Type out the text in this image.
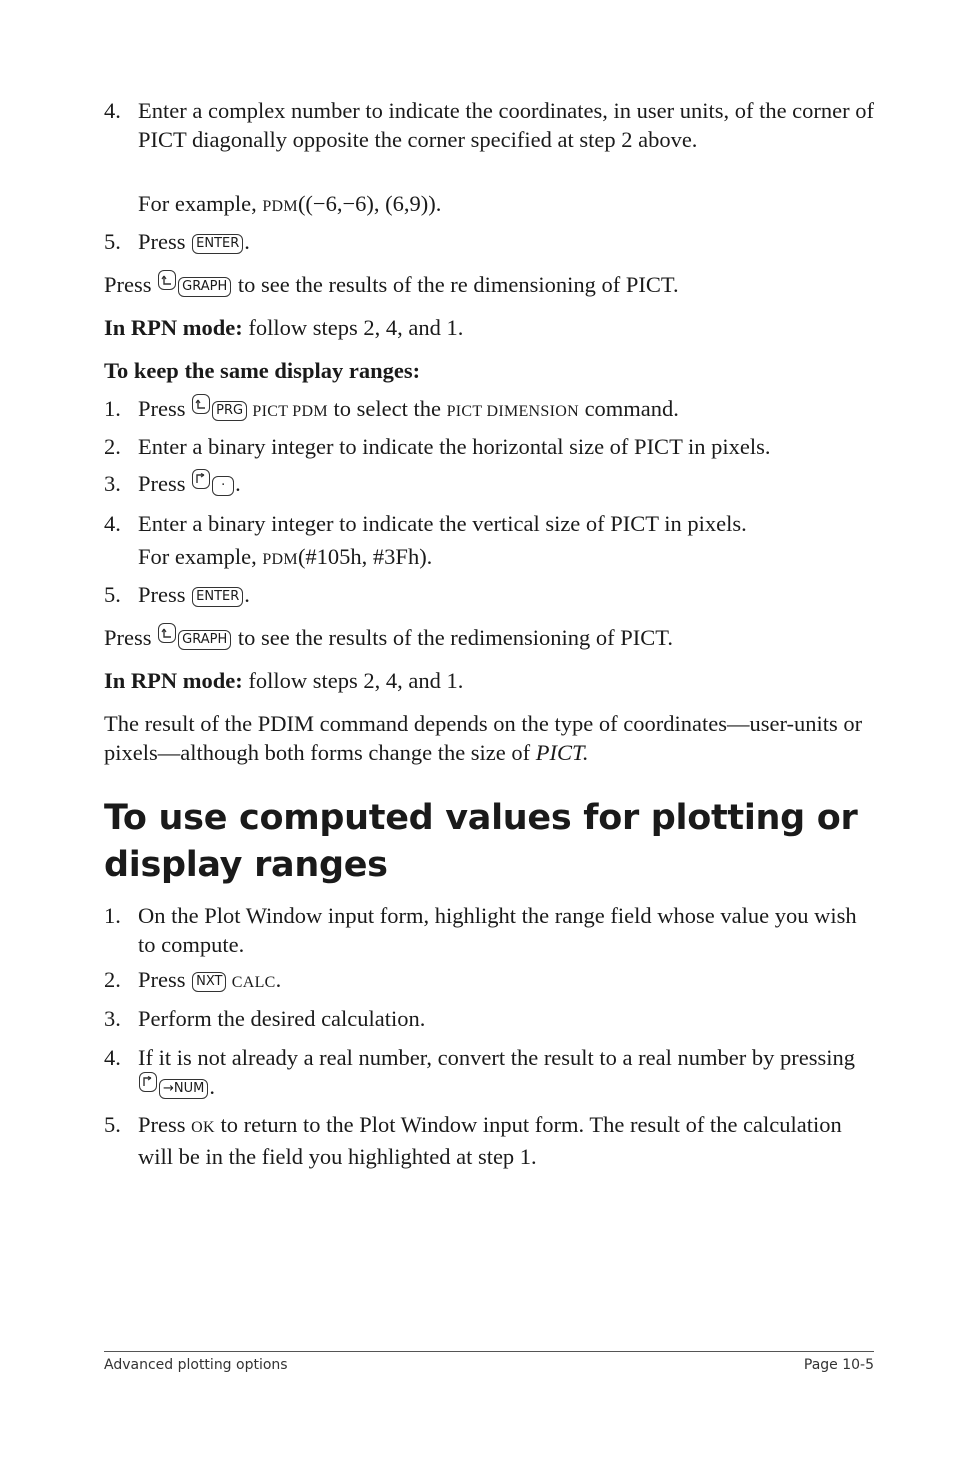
4. Enter a complex number to indicate the coordinates, in user units, of the corner of PICT diagonally opposite the corner specified at step 2 above.
For example, PDM((−6,−6), (6,9)).
5. Press ENTER .
Press
GRAPH to see the results of the re dimensioning of PICT.
In RPN mode: follow steps 2, 4, and 1.
To keep the same display ranges:
1. Press
PRG PICT PDM to select the PICT DIMENSION command.
2. Enter a binary integer to indicate the horizontal size of PICT in pixels.
3. Press
· .
4. Enter a binary integer to indicate the vertical size of PICT in pixels.
For example, PDM(#105h, #3Fh).
5. Press ENTER .
Press
GRAPH to see the results of the redimensioning of PICT.
In RPN mode: follow steps 2, 4, and 1.
The result of the PDIM command depends on the type of coordinates—user-units or pixels—although both forms change the size of PICT.
To use computed values for plotting or display ranges
1. On the Plot Window input form, highlight the range field whose value you wish to compute.
2. Press NXT CALC.
3. Perform the desired calculation.
4. If it is not already a real number, convert the result to a real number by pressing
→NUM .
5. Press OK to return to the Plot Window input form. The result of the calculation will be in the field you highlighted at step 1.
Advanced plotting options	Page 10-5
